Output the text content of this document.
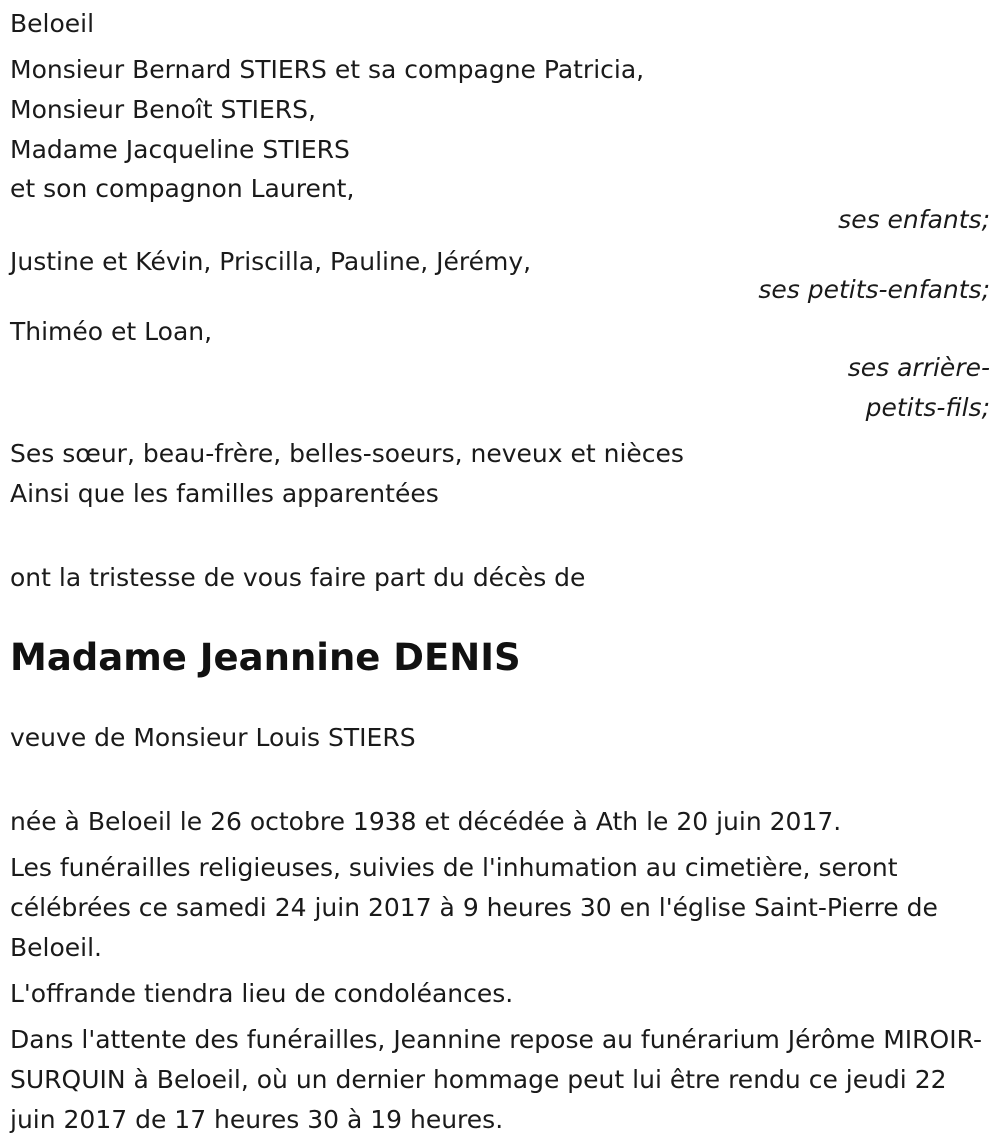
Beloeil

Monsieur Bernard STIERS et sa compagne Patricia,
Monsieur Benoît STIERS,
Madame Jacqueline STIERS
et son compagnon Laurent,
ses enfants;
Justine et Kévin, Priscilla, Pauline, Jérémy,
ses petits-enfants;
Thiméo et Loan,
ses arrière-
petits-fils;
Ses sœur, beau-frère, belles-soeurs, neveux et nièces
Ainsi que les familles apparentées

ont la tristesse de vous faire part du décès de

Madame Jeannine DENIS

veuve de Monsieur Louis STIERS

née à Beloeil le 26 octobre 1938 et décédée à Ath le 20 juin 2017.

Les funérailles religieuses, suivies de l'inhumation au cimetière, seront célébrées ce samedi 24 juin 2017 à 9 heures 30 en l'église Saint-Pierre de Beloeil.

L'offrande tiendra lieu de condoléances.

Dans l'attente des funérailles, Jeannine repose au funérarium Jérôme MIROIR-SURQUIN à Beloeil, où un dernier hommage peut lui être rendu ce jeudi 22 juin 2017 de 17 heures 30 à 19 heures.
